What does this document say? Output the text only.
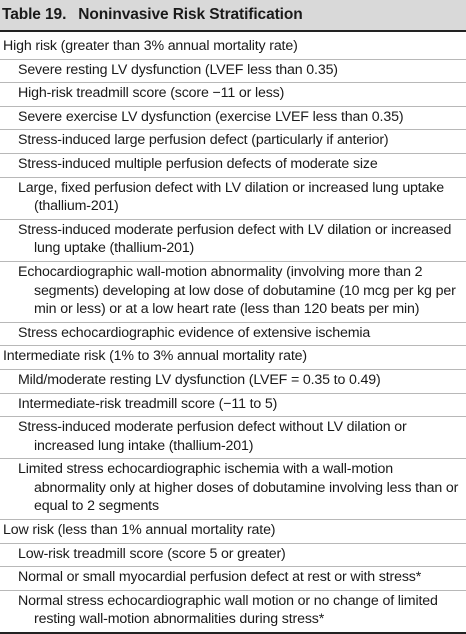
Table 19. Noninvasive Risk Stratification
High risk (greater than 3% annual mortality rate)
Severe resting LV dysfunction (LVEF less than 0.35)
High-risk treadmill score (score −11 or less)
Severe exercise LV dysfunction (exercise LVEF less than 0.35)
Stress-induced large perfusion defect (particularly if anterior)
Stress-induced multiple perfusion defects of moderate size
Large, fixed perfusion defect with LV dilation or increased lung uptake (thallium-201)
Stress-induced moderate perfusion defect with LV dilation or increased lung uptake (thallium-201)
Echocardiographic wall-motion abnormality (involving more than 2 segments) developing at low dose of dobutamine (10 mcg per kg per min or less) or at a low heart rate (less than 120 beats per min)
Stress echocardiographic evidence of extensive ischemia
Intermediate risk (1% to 3% annual mortality rate)
Mild/moderate resting LV dysfunction (LVEF = 0.35 to 0.49)
Intermediate-risk treadmill score (−11 to 5)
Stress-induced moderate perfusion defect without LV dilation or increased lung intake (thallium-201)
Limited stress echocardiographic ischemia with a wall-motion abnormality only at higher doses of dobutamine involving less than or equal to 2 segments
Low risk (less than 1% annual mortality rate)
Low-risk treadmill score (score 5 or greater)
Normal or small myocardial perfusion defect at rest or with stress*
Normal stress echocardiographic wall motion or no change of limited resting wall-motion abnormalities during stress*
